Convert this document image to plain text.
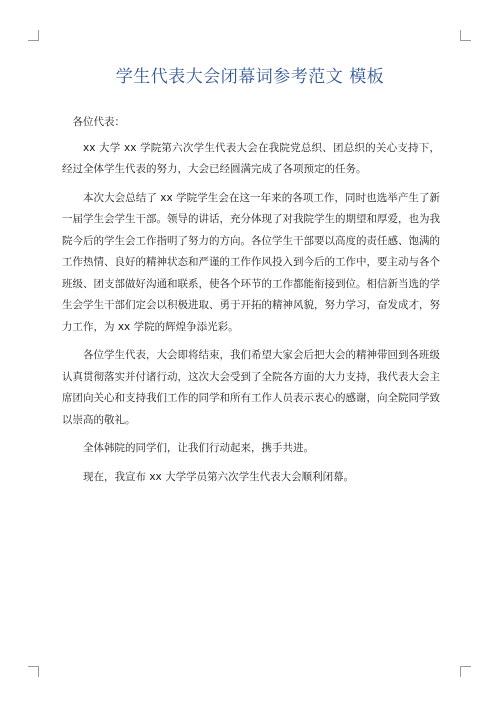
学生代表大会闭幕词参考范文 模板

各位代表：

xx 大学 xx 学院第六次学生代表大会在我院党总织、团总织的关心支持下，经过全体学生代表的努力，大会已经圆满完成了各项预定的任务。

本次大会总结了 xx 学院学生会在这一年来的各项工作，同时也选举产生了新一届学生会学生干部。领导的讲话，充分体现了对我院学生的期望和厚爱，也为我院今后的学生会工作指明了努力的方向。各位学生干部要以高度的责任感、饱满的工作热情、良好的精神状态和严谨的工作作风投入到今后的工作中，要主动与各个班级、团支部做好沟通和联系，使各个环节的工作都能衔接到位。相信新当选的学生会学生干部们定会以积极进取、勇于开拓的精神风貌，努力学习，奋发成才，努力工作，为 xx 学院的辉煌争添光彩。

各位学生代表，大会即将结束，我们希望大家会后把大会的精神带回到各班级认真贯彻落实并付诸行动，这次大会受到了全院各方面的大力支持，我代表大会主席团向关心和支持我们工作的同学和所有工作人员表示衷心的感谢，向全院同学致以崇高的敬礼。

全体韩院的同学们，让我们行动起来，携手共进。

现在，我宣布 xx 大学学员第六次学生代表大会顺利闭幕。
